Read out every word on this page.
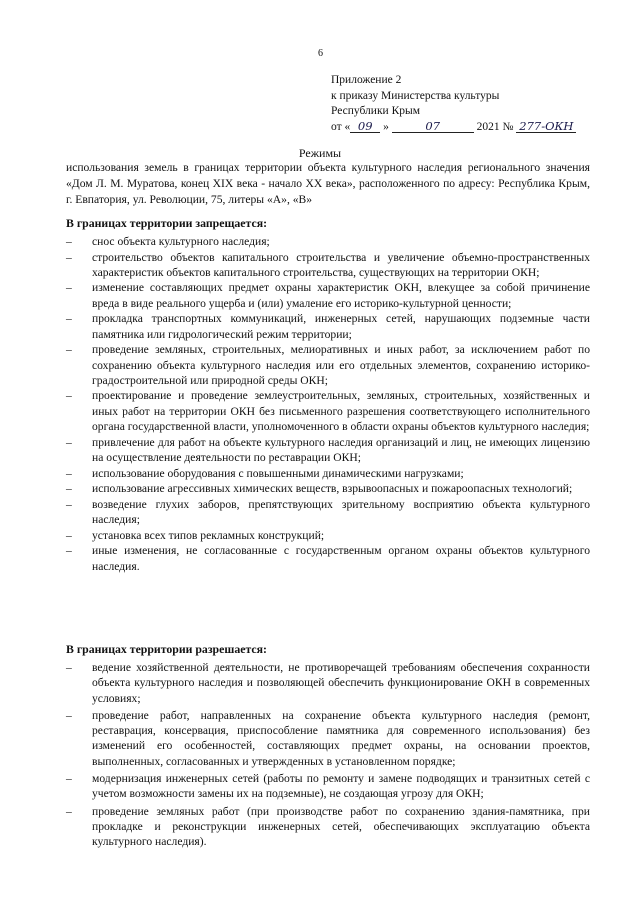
6
Приложение 2
к приказу Министерства культуры
Республики Крым
от « 09 »	07	2021 № 277-ОКН
Режимы
использования земель в границах территории объекта культурного наследия регионального значения «Дом Л. М. Муратова, конец XIX века - начало XX века», расположенного по адресу: Республика Крым, г. Евпатория, ул. Революции, 75, литеры «А», «В»
В границах территории запрещается:
– снос объекта культурного наследия;
– строительство объектов капитального строительства и увеличение объемно-пространственных характеристик объектов капитального строительства, существующих на территории ОКН;
– изменение составляющих предмет охраны характеристик ОКН, влекущее за собой причинение вреда в виде реального ущерба и (или) умаление его историко-культурной ценности;
– прокладка транспортных коммуникаций, инженерных сетей, нарушающих подземные части памятника или гидрологический режим территории;
– проведение земляных, строительных, мелиоративных и иных работ, за исключением работ по сохранению объекта культурного наследия или его отдельных элементов, сохранению историко-градостроительной или природной среды ОКН;
– проектирование и проведение землеустроительных, земляных, строительных, хозяйственных и иных работ на территории ОКН без письменного разрешения соответствующего исполнительного органа государственной власти, уполномоченного в области охраны объектов культурного наследия;
– привлечение для работ на объекте культурного наследия организаций и лиц, не имеющих лицензию на осуществление деятельности по реставрации ОКН;
– использование оборудования с повышенными динамическими нагрузками;
– использование агрессивных химических веществ, взрывоопасных и пожароопасных технологий;
– возведение глухих заборов, препятствующих зрительному восприятию объекта культурного наследия;
– установка всех типов рекламных конструкций;
– иные изменения, не согласованные с государственным органом охраны объектов культурного наследия.
В границах территории разрешается:
– ведение хозяйственной деятельности, не противоречащей требованиям обеспечения сохранности объекта культурного наследия и позволяющей обеспечить функционирование ОКН в современных условиях;
– проведение работ, направленных на сохранение объекта культурного наследия (ремонт, реставрация, консервация, приспособление памятника для современного использования) без изменений его особенностей, составляющих предмет охраны, на основании проектов, выполненных, согласованных и утвержденных в установленном порядке;
– модернизация инженерных сетей (работы по ремонту и замене подводящих и транзитных сетей с учетом возможности замены их на подземные), не создающая угрозу для ОКН;
– проведение земляных работ (при производстве работ по сохранению здания-памятника, при прокладке и реконструкции инженерных сетей, обеспечивающих эксплуатацию объекта культурного наследия).
